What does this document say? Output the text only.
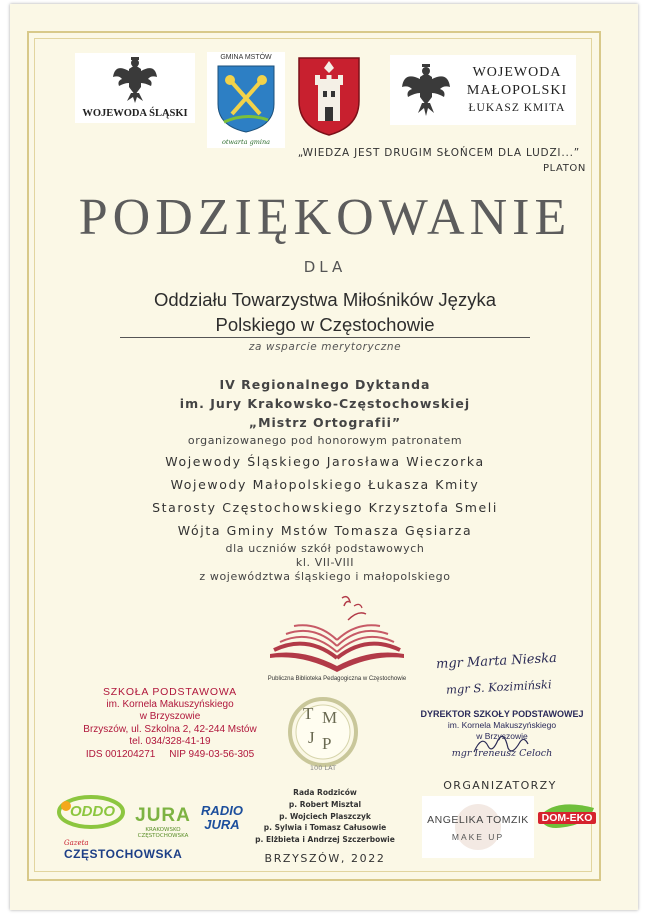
WOJEWODA ŚLĄSKI
GMINA MSTÓW
otwarta gmina
WOJEWODA
MAŁOPOLSKI
ŁUKASZ KMITA
„WIEDZA JEST DRUGIM SŁOŃCEM DLA LUDZI...”
PLATON
PODZIĘKOWANIE
DLA
Oddziału Towarzystwa Miłośników Języka
Polskiego w Częstochowie
za wsparcie merytoryczne
IV Regionalnego Dyktanda
im. Jury Krakowsko-Częstochowskiej
„Mistrz Ortografii”
organizowanego pod honorowym patronatem
Wojewody Śląskiego Jarosława Wieczorka
Wojewody Małopolskiego Łukasza Kmity
Starosty Częstochowskiego Krzysztofa Smeli
Wójta Gminy Mstów Tomasza Gęsiarza
dla uczniów szkół podstawowych
kl. VII-VIII
z województwa śląskiego i małopolskiego
Publiczna Biblioteka Pedagogiczna w Częstochowie
SZKOŁA PODSTAWOWA
im. Kornela Makuszyńskiego
w Brzyszowie
Brzyszów, ul. Szkolna 2, 42-244 Mstów
tel. 034/328-41-19
IDS 001204271     NIP 949-03-56-305
T M
J P
100 LAT
mgr Marta Nieska
mgr S. Kozimiński
DYREKTOR SZKOŁY PODSTAWOWEJ
im. Kornela Makuszyńskiego
w Brzyszowie
mgr Ireneusz Celoch
ORGANIZATORZY
Rada Rodziców
p. Robert Misztal
p. Wojciech Plaszczyk
p. Sylwia i Tomasz Całusowie
p. Elżbieta i Andrzej Szczerbowie
ODDO	JURA
KRAKOWSKO
CZĘSTOCHOWSKA
RADIO
JURA
Gazeta
CZĘSTOCHOWSKA
ANGELIKA TOMZIK
MAKE UP
DOM-EKO
BRZYSZÓW, 2022
